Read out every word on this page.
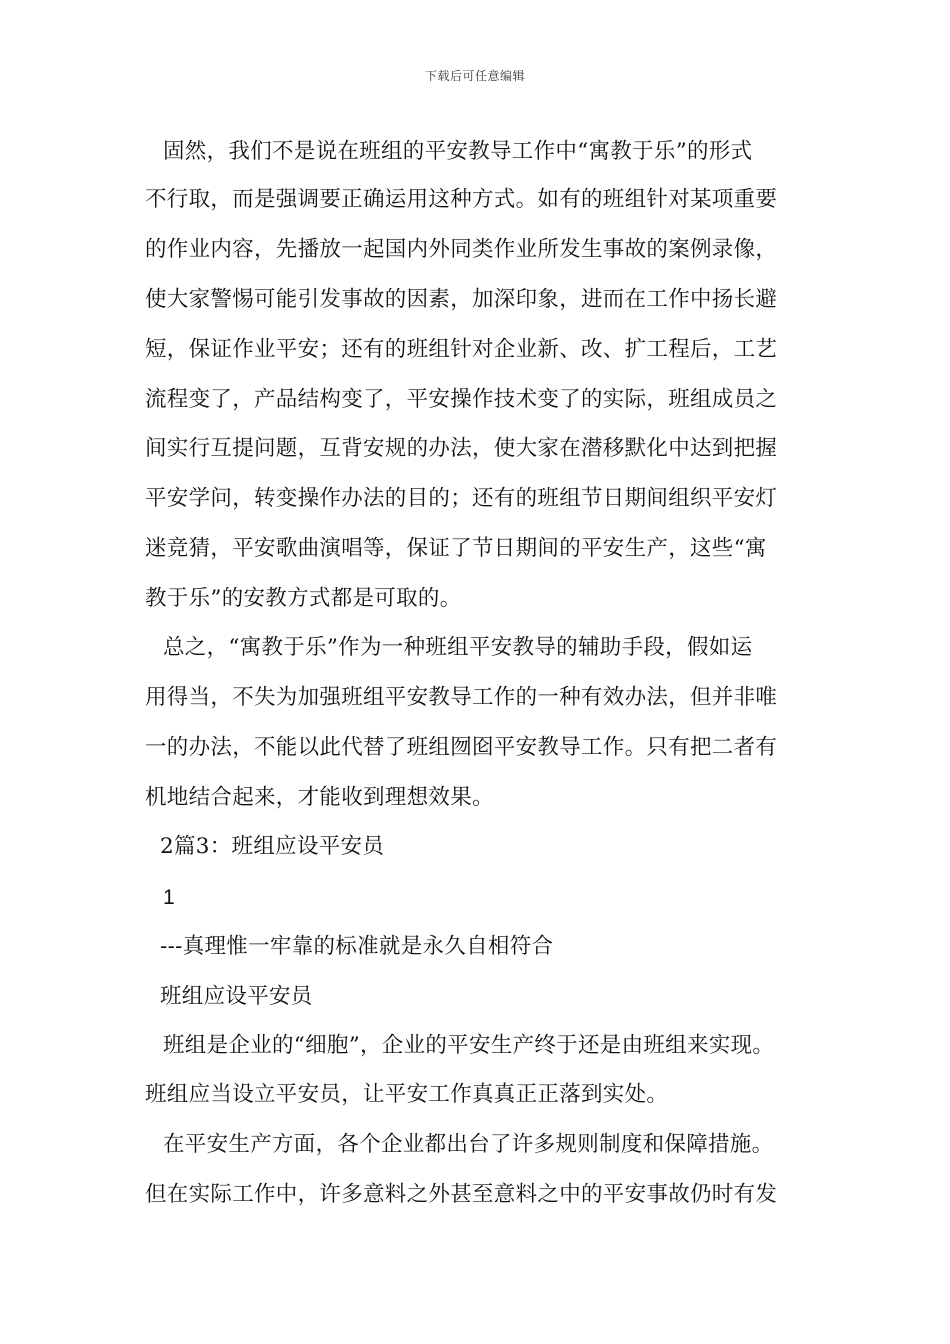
下载后可任意编辑
固然，我们不是说在班组的平安教导工作中“寓教于乐”的形式
不行取，而是强调要正确运用这种方式。如有的班组针对某项重要
的作业内容，先播放一起国内外同类作业所发生事故的案例录像，
使大家警惕可能引发事故的因素，加深印象，进而在工作中扬长避
短，保证作业平安；还有的班组针对企业新、改、扩工程后，工艺
流程变了，产品结构变了，平安操作技术变了的实际，班组成员之
间实行互提问题，互背安规的办法，使大家在潜移默化中达到把握
平安学问，转变操作办法的目的；还有的班组节日期间组织平安灯
迷竞猜，平安歌曲演唱等，保证了节日期间的平安生产，这些“寓
教于乐”的安教方式都是可取的。
总之，“寓教于乐”作为一种班组平安教导的辅助手段，假如运
用得当，不失为加强班组平安教导工作的一种有效办法，但并非唯
一的办法，不能以此代替了班组囫囵平安教导工作。只有把二者有
机地结合起来，才能收到理想效果。
2篇3：班组应设平安员
1
---真理惟一牢靠的标准就是永久自相符合
班组应设平安员
班组是企业的“细胞”，企业的平安生产终于还是由班组来实现。
班组应当设立平安员，让平安工作真真正正落到实处。
在平安生产方面，各个企业都出台了许多规则制度和保障措施。
但在实际工作中，许多意料之外甚至意料之中的平安事故仍时有发
